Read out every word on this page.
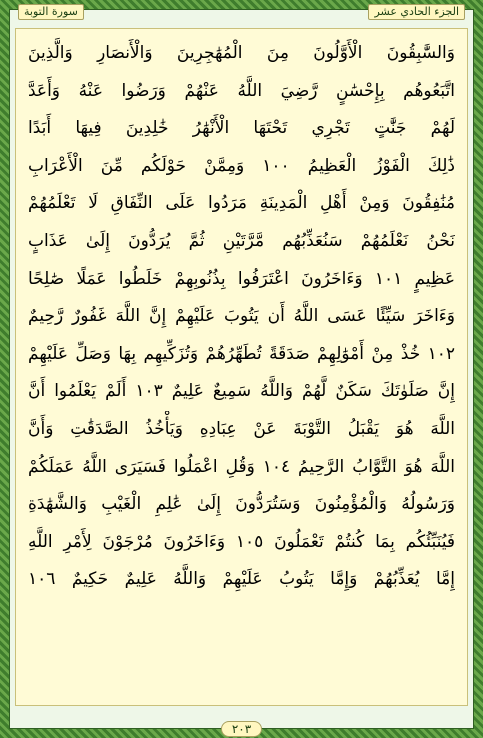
الجزء الحادي عشر
سورة التوبة
وَالسَّٰبِقُونَ الْأَوَّلُونَ مِنَ الْمُهَٰجِرِينَ وَالْأَنصَارِ وَالَّذِينَ
اتَّبَعُوهُم بِإِحْسَٰنٍ رَّضِيَ اللَّهُ عَنْهُمْ وَرَضُوا عَنْهُ وَأَعَدَّ
لَهُمْ جَنَّٰتٍ تَجْرِي تَحْتَهَا الْأَنْهَٰرُ خَٰلِدِينَ فِيهَا أَبَدًا
ذَٰلِكَ الْفَوْزُ الْعَظِيمُ ١٠٠ وَمِمَّنْ حَوْلَكُم مِّنَ الْأَعْرَابِ
مُنَٰفِقُونَ وَمِنْ أَهْلِ الْمَدِينَةِ مَرَدُوا عَلَى النِّفَاقِ لَا تَعْلَمُهُمْ
نَحْنُ نَعْلَمُهُمْ سَنُعَذِّبُهُم مَّرَّتَيْنِ ثُمَّ يُرَدُّونَ إِلَىٰ عَذَابٍ
عَظِيمٍ ١٠١ وَءَاخَرُونَ اعْتَرَفُوا بِذُنُوبِهِمْ خَلَطُوا عَمَلًا صَٰلِحًا
وَءَاخَرَ سَيِّئًا عَسَى اللَّهُ أَن يَتُوبَ عَلَيْهِمْ إِنَّ اللَّهَ غَفُورٌ رَّحِيمٌ
١٠٢ خُذْ مِنْ أَمْوَٰلِهِمْ صَدَقَةً تُطَهِّرُهُمْ وَتُزَكِّيهِم بِهَا وَصَلِّ عَلَيْهِمْ
إِنَّ صَلَوٰتَكَ سَكَنٌ لَّهُمْ وَاللَّهُ سَمِيعٌ عَلِيمٌ ١٠٣ أَلَمْ يَعْلَمُوا أَنَّ
اللَّهَ هُوَ يَقْبَلُ التَّوْبَةَ عَنْ عِبَادِهِ وَيَأْخُذُ الصَّدَقَٰتِ وَأَنَّ
اللَّهَ هُوَ التَّوَّابُ الرَّحِيمُ ١٠٤ وَقُلِ اعْمَلُوا فَسَيَرَى اللَّهُ عَمَلَكُمْ
وَرَسُولُهُ وَالْمُؤْمِنُونَ وَسَتُرَدُّونَ إِلَىٰ عَٰلِمِ الْغَيْبِ وَالشَّهَٰدَةِ
فَيُنَبِّئُكُم بِمَا كُنتُمْ تَعْمَلُونَ ١٠٥ وَءَاخَرُونَ مُرْجَوْنَ لِأَمْرِ اللَّهِ
إِمَّا يُعَذِّبُهُمْ وَإِمَّا يَتُوبُ عَلَيْهِمْ وَاللَّهُ عَلِيمٌ حَكِيمٌ ١٠٦
٢٠٣
